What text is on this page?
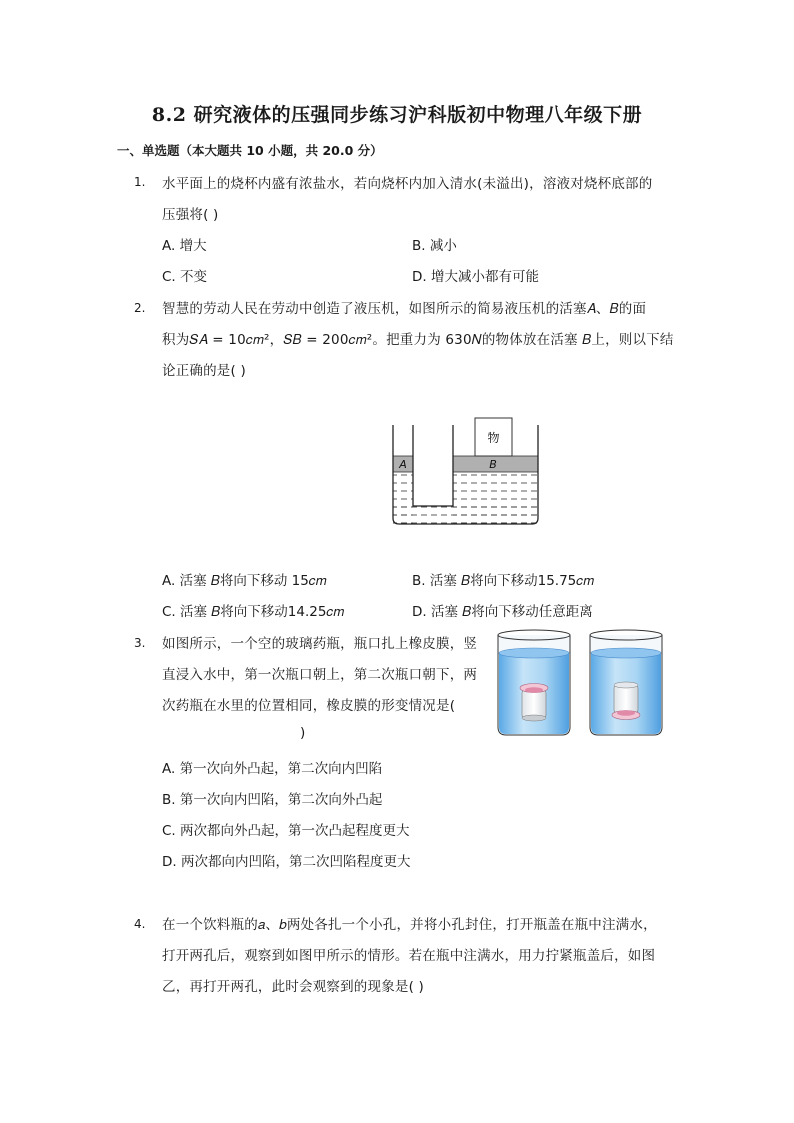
8.2 研究液体的压强同步练习沪科版初中物理八年级下册
一、单选题（本大题共 10 小题，共 20.0 分）
1. 水平面上的烧杯内盛有浓盐水，若向烧杯内加入清水(未溢出)，溶液对烧杯底部的
压强将( )
A. 增大	B. 减小
C. 不变	D. 增大减小都有可能
2. 智慧的劳动人民在劳动中创造了液压机，如图所示的简易液压机的活塞𝐴、𝐵的面
积为𝑆𝐴 = 10𝑐𝑚²，𝑆𝐵 = 200𝑐𝑚²。把重力为 630𝑁的物体放在活塞 𝐵上，则以下结
论正确的是( )
物
A	B
A. 活塞 𝐵将向下移动 15𝑐𝑚	B. 活塞 𝐵将向下移动15.75𝑐𝑚
C. 活塞 𝐵将向下移动14.25𝑐𝑚	D. 活塞 𝐵将向下移动任意距离
3. 如图所示，一个空的玻璃药瓶，瓶口扎上橡皮膜，竖
直浸入水中，第一次瓶口朝上，第二次瓶口朝下，两
次药瓶在水里的位置相同，橡皮膜的形变情况是(
)
A. 第一次向外凸起，第二次向内凹陷
B. 第一次向内凹陷，第二次向外凸起
C. 两次都向外凸起，第一次凸起程度更大
D. 两次都向内凹陷，第二次凹陷程度更大
4. 在一个饮料瓶的𝑎、𝑏两处各扎一个小孔，并将小孔封住，打开瓶盖在瓶中注满水，
打开两孔后，观察到如图甲所示的情形。若在瓶中注满水，用力拧紧瓶盖后，如图
乙，再打开两孔，此时会观察到的现象是( )
